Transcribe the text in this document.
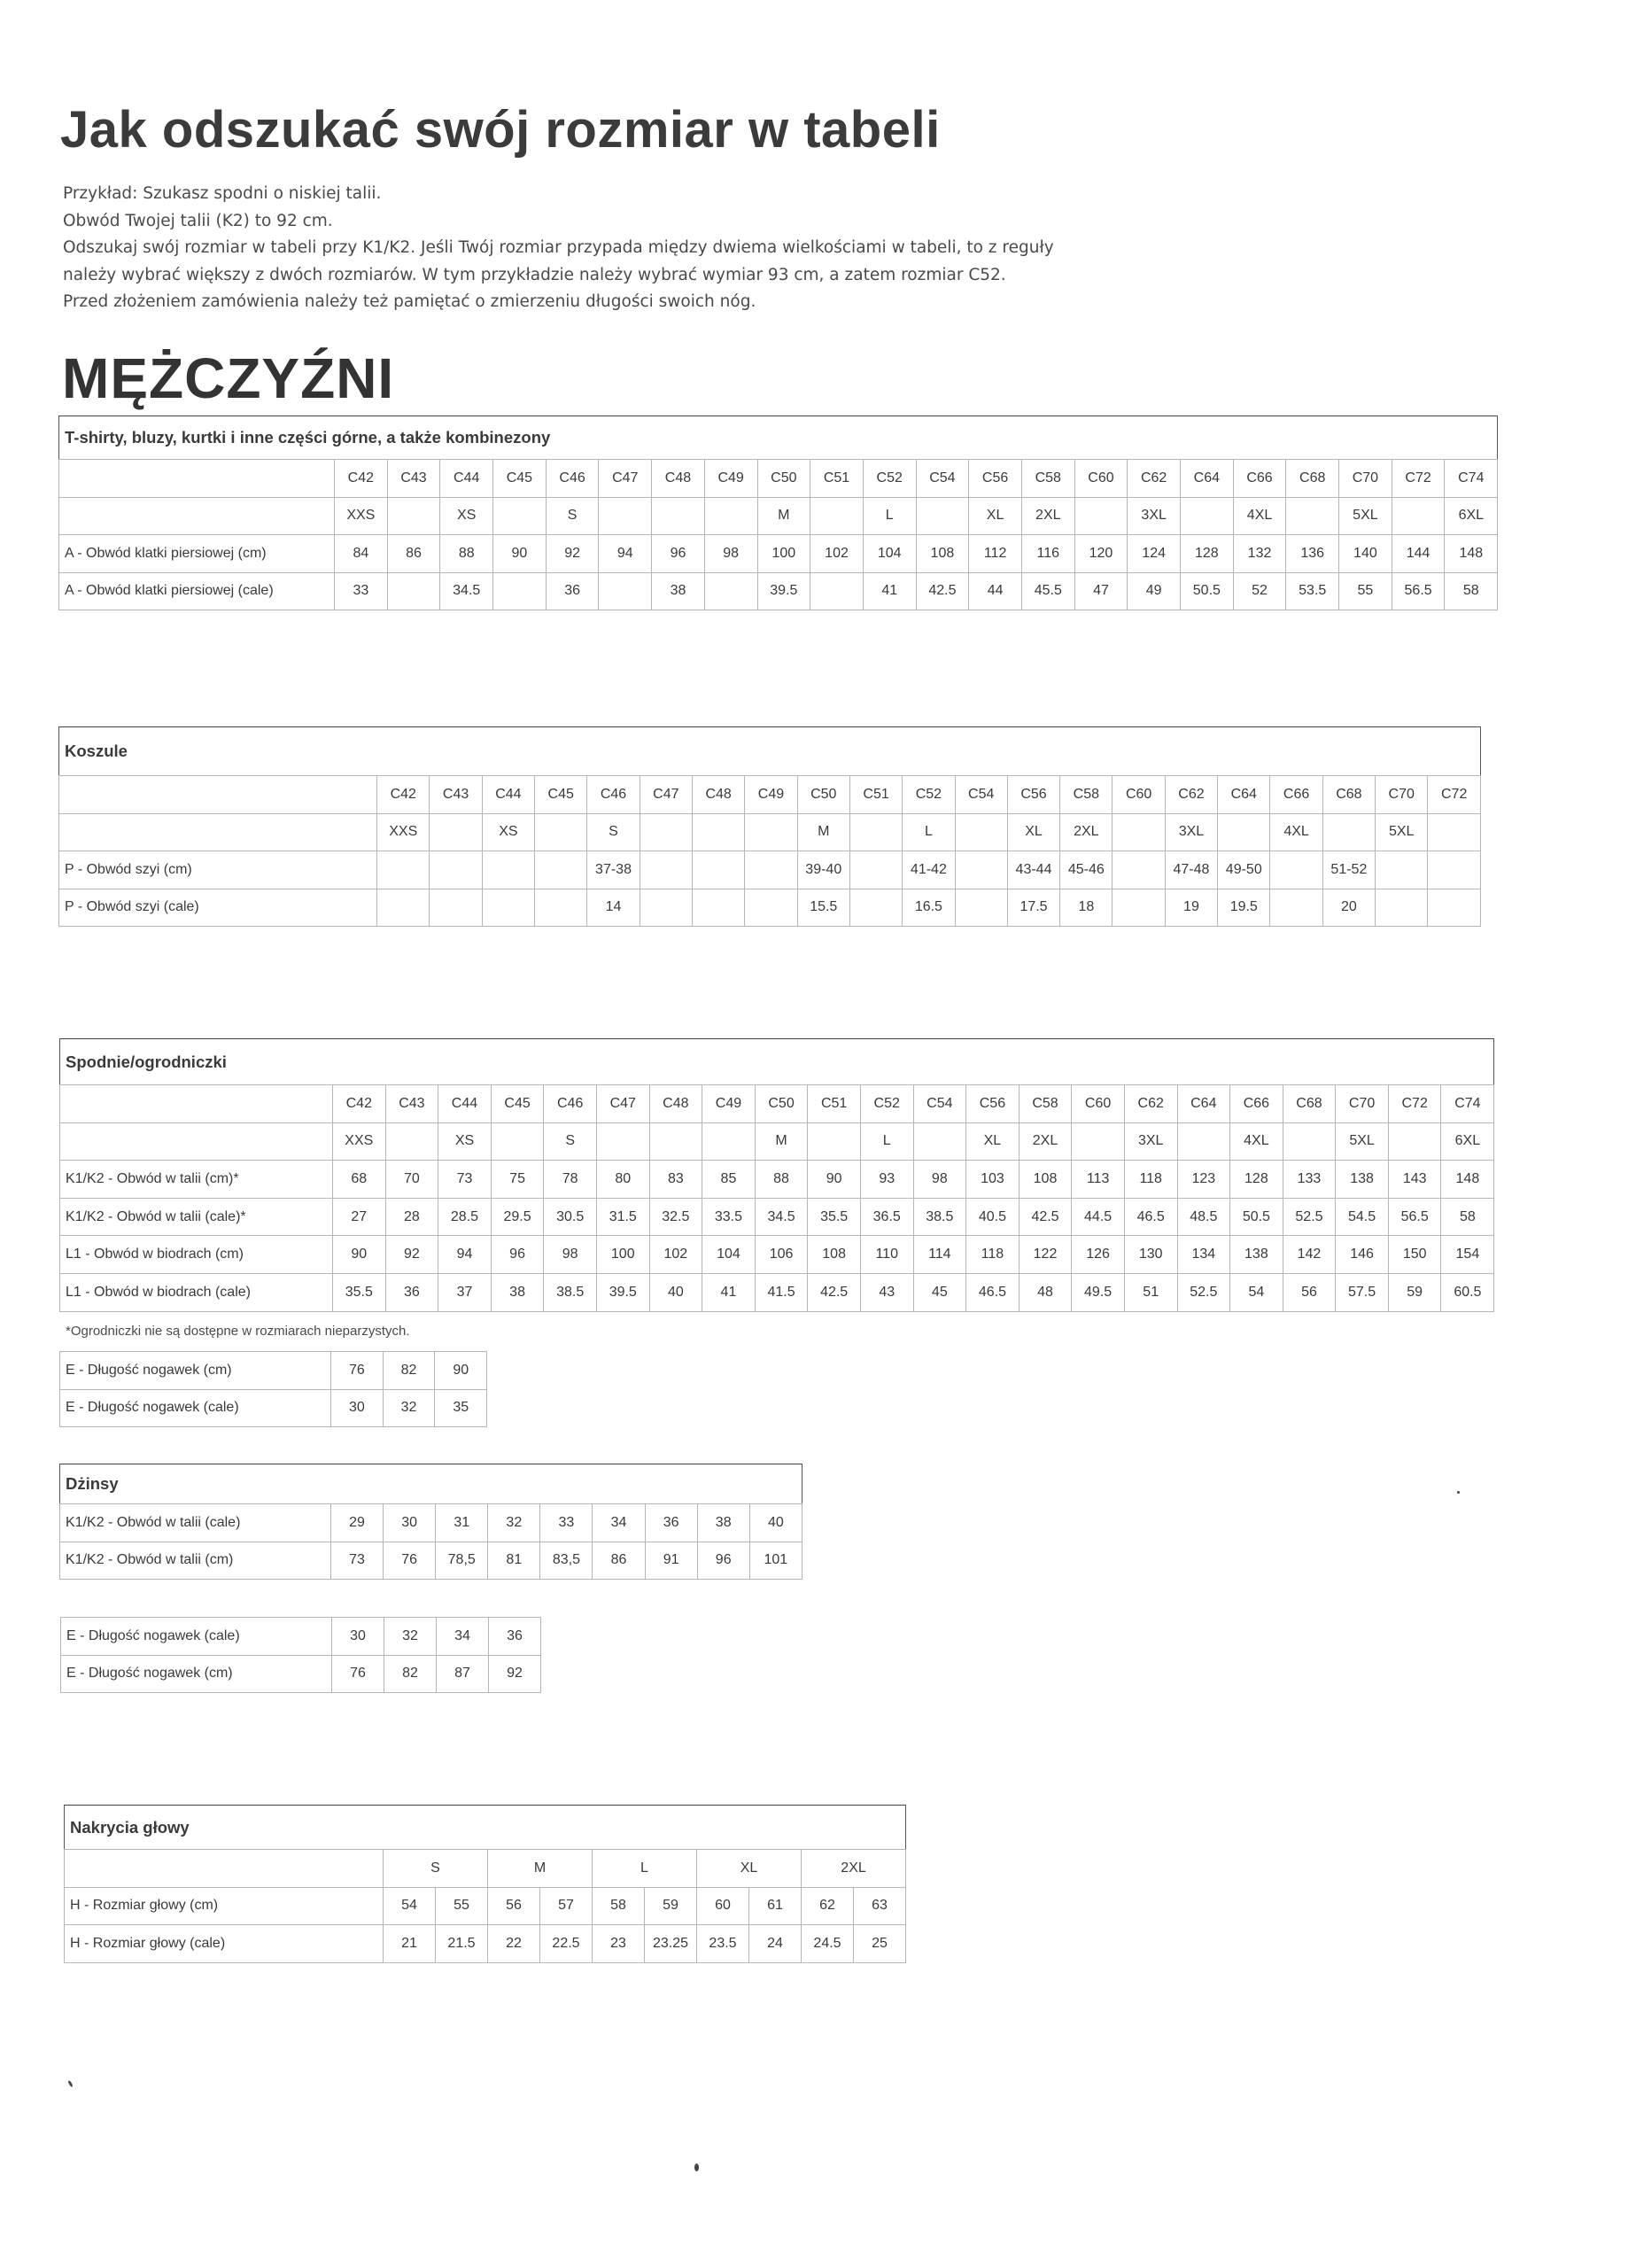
Jak odszukać swój rozmiar w tabeli
Przykład: Szukasz spodni o niskiej talii.
Obwód Twojej talii (K2) to 92 cm.
Odszukaj swój rozmiar w tabeli przy K1/K2. Jeśli Twój rozmiar przypada między dwiema wielkościami w tabeli, to z reguły
należy wybrać większy z dwóch rozmiarów. W tym przykładzie należy wybrać wymiar 93 cm, a zatem rozmiar C52.
Przed złożeniem zamówienia należy też pamiętać o zmierzeniu długości swoich nóg.
MĘŻCZYŹNI
T-shirty, bluzy, kurtki i inne części górne, a także kombinezony																						
	C42	C43	C44	C45	C46	C47	C48	C49	C50	C51	C52	C54	C56	C58	C60	C62	C64	C66	C68	C70	C72	C74
	XXS		XS		S				M		L		XL	2XL		3XL		4XL		5XL		6XL
A - Obwód klatki piersiowej (cm)	84	86	88	90	92	94	96	98	100	102	104	108	112	116	120	124	128	132	136	140	144	148
A - Obwód klatki piersiowej (cale)	33		34.5		36		38		39.5		41	42.5	44	45.5	47	49	50.5	52	53.5	55	56.5	58
Koszule																					
	C42	C43	C44	C45	C46	C47	C48	C49	C50	C51	C52	C54	C56	C58	C60	C62	C64	C66	C68	C70	C72
	XXS		XS		S				M		L		XL	2XL		3XL		4XL		5XL	
P - Obwód szyi (cm)					37-38				39-40		41-42		43-44	45-46		47-48	49-50		51-52		
P - Obwód szyi (cale)					14				15.5		16.5		17.5	18		19	19.5		20		
Spodnie/ogrodniczki																						
	C42	C43	C44	C45	C46	C47	C48	C49	C50	C51	C52	C54	C56	C58	C60	C62	C64	C66	C68	C70	C72	C74
	XXS		XS		S				M		L		XL	2XL		3XL		4XL		5XL		6XL
K1/K2 - Obwód w talii (cm)*	68	70	73	75	78	80	83	85	88	90	93	98	103	108	113	118	123	128	133	138	143	148
K1/K2 - Obwód w talii (cale)*	27	28	28.5	29.5	30.5	31.5	32.5	33.5	34.5	35.5	36.5	38.5	40.5	42.5	44.5	46.5	48.5	50.5	52.5	54.5	56.5	58
L1 - Obwód w biodrach (cm)	90	92	94	96	98	100	102	104	106	108	110	114	118	122	126	130	134	138	142	146	150	154
L1 - Obwód w biodrach (cale)	35.5	36	37	38	38.5	39.5	40	41	41.5	42.5	43	45	46.5	48	49.5	51	52.5	54	56	57.5	59	60.5
*Ogrodniczki nie są dostępne w rozmiarach nieparzystych.
E - Długość nogawek (cm)	76	82	90
E - Długość nogawek (cale)	30	32	35
Dżinsy									
K1/K2 - Obwód w talii (cale)	29	30	31	32	33	34	36	38	40
K1/K2 - Obwód w talii (cm)	73	76	78,5	81	83,5	86	91	96	101
E - Długość nogawek (cale)	30	32	34	36
E - Długość nogawek (cm)	76	82	87	92
Nakrycia głowy										
	S		M		L		XL		2XL	
H - Rozmiar głowy (cm)	54	55	56	57	58	59	60	61	62	63
H - Rozmiar głowy (cale)	21	21.5	22	22.5	23	23.25	23.5	24	24.5	25
